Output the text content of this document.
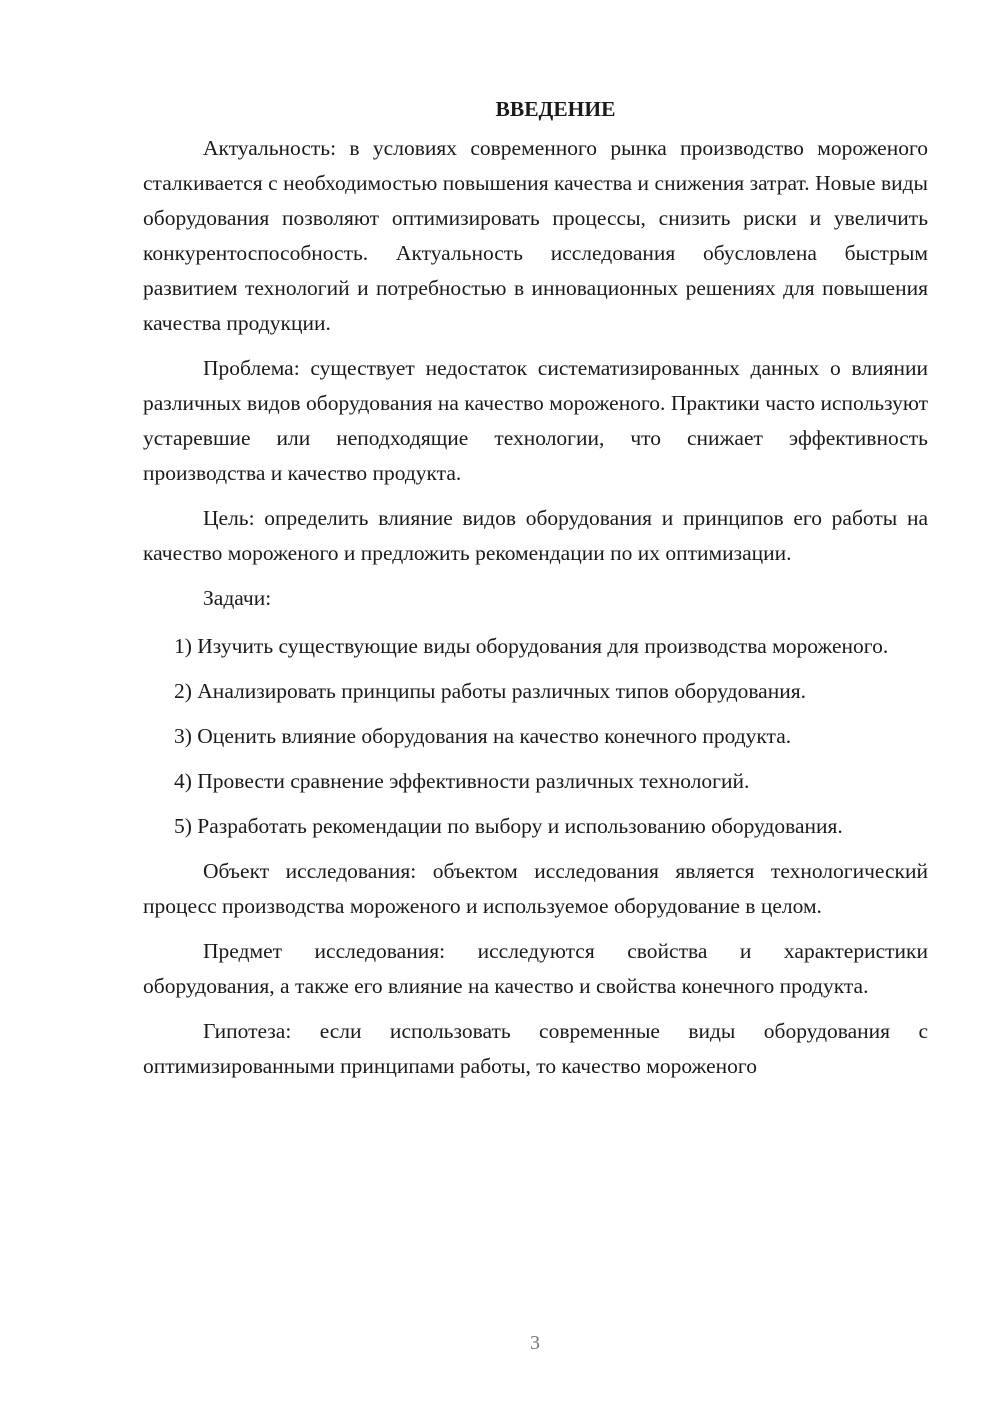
ВВЕДЕНИЕ

Актуальность: в условиях современного рынка производство мороженого сталкивается с необходимостью повышения качества и снижения затрат. Новые виды оборудования позволяют оптимизировать процессы, снизить риски и увеличить конкурентоспособность. Актуальность исследования обусловлена быстрым развитием технологий и потребностью в инновационных решениях для повышения качества продукции.

Проблема: существует недостаток систематизированных данных о влиянии различных видов оборудования на качество мороженого. Практики часто используют устаревшие или неподходящие технологии, что снижает эффективность производства и качество продукта.

Цель: определить влияние видов оборудования и принципов его работы на качество мороженого и предложить рекомендации по их оптимизации.

Задачи:

1) Изучить существующие виды оборудования для производства мороженого.

2) Анализировать принципы работы различных типов оборудования.

3) Оценить влияние оборудования на качество конечного продукта.

4) Провести сравнение эффективности различных технологий.

5) Разработать рекомендации по выбору и использованию оборудования.

Объект исследования: объектом исследования является технологический процесс производства мороженого и используемое оборудование в целом.

Предмет исследования: исследуются свойства и характеристики оборудования, а также его влияние на качество и свойства конечного продукта.

Гипотеза: если использовать современные виды оборудования с оптимизированными принципами работы, то качество мороженого

3
